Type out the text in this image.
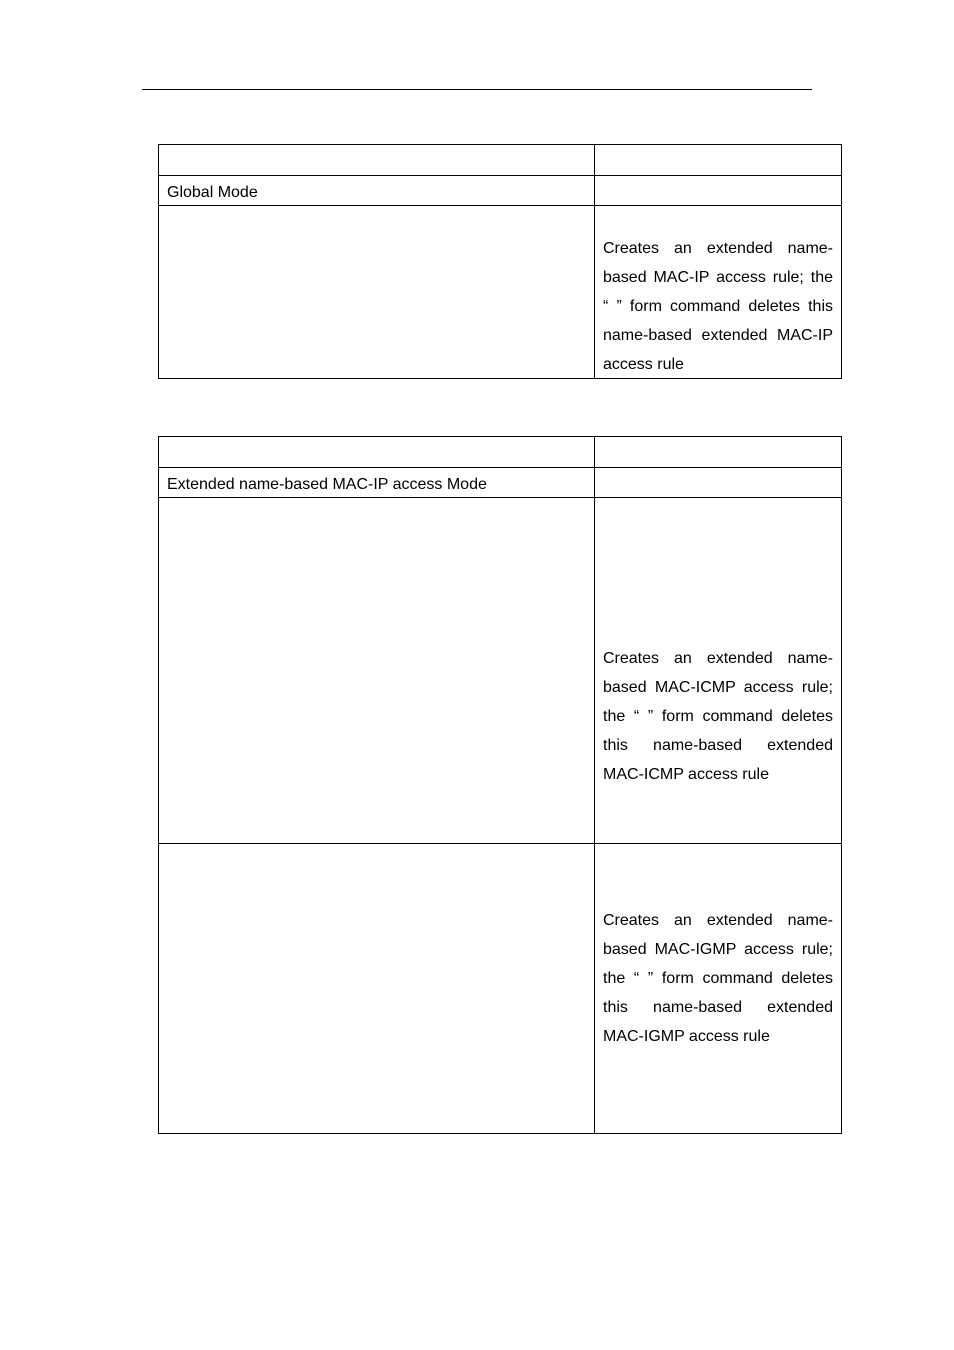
Global Mode	

	Creates an extended name-based MAC-IP access rule; the “ ” form command deletes this name-based extended MAC-IP access rule

Extended name-based MAC-IP access Mode	

	Creates an extended name-based MAC-ICMP access rule; the “ ” form command deletes this name-based extended MAC-ICMP access rule

	Creates an extended name-based MAC-IGMP access rule; the “ ” form command deletes this name-based extended MAC-IGMP access rule
